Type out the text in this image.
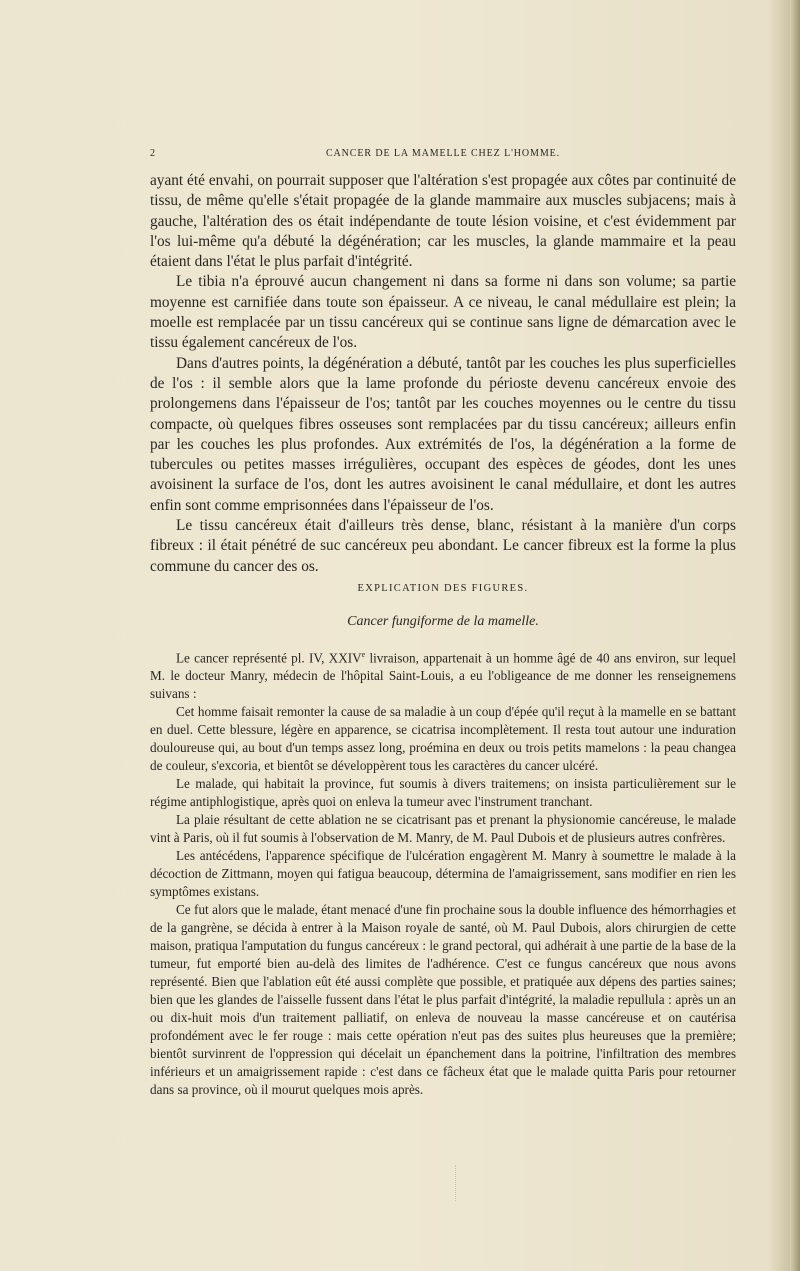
2	CANCER DE LA MAMELLE CHEZ L'HOMME.

ayant été envahi, on pourrait supposer que l'altération s'est propagée aux côtes par continuité de tissu, de même qu'elle s'était propagée de la glande mammaire aux muscles subjacens; mais à gauche, l'altération des os était indépendante de toute lésion voisine, et c'est évidemment par l'os lui-même qu'a débuté la dégénération; car les muscles, la glande mammaire et la peau étaient dans l'état le plus parfait d'intégrité.

Le tibia n'a éprouvé aucun changement ni dans sa forme ni dans son volume; sa partie moyenne est carnifiée dans toute son épaisseur. A ce niveau, le canal médullaire est plein; la moelle est remplacée par un tissu cancéreux qui se continue sans ligne de démarcation avec le tissu également cancéreux de l'os.

Dans d'autres points, la dégénération a débuté, tantôt par les couches les plus superficielles de l'os : il semble alors que la lame profonde du périoste devenu cancéreux envoie des prolongemens dans l'épaisseur de l'os; tantôt par les couches moyennes ou le centre du tissu compacte, où quelques fibres osseuses sont remplacées par du tissu cancéreux; ailleurs enfin par les couches les plus profondes. Aux extrémités de l'os, la dégénération a la forme de tubercules ou petites masses irrégulières, occupant des espèces de géodes, dont les unes avoisinent la surface de l'os, dont les autres avoisinent le canal médullaire, et dont les autres enfin sont comme emprisonnées dans l'épaisseur de l'os.

Le tissu cancéreux était d'ailleurs très dense, blanc, résistant à la manière d'un corps fibreux : il était pénétré de suc cancéreux peu abondant. Le cancer fibreux est la forme la plus commune du cancer des os.

EXPLICATION DES FIGURES.
Cancer fungiforme de la mamelle.

Le cancer représenté pl. IV, XXIVe livraison, appartenait à un homme âgé de 40 ans environ, sur lequel M. le docteur Manry, médecin de l'hôpital Saint-Louis, a eu l'obligeance de me donner les renseignemens suivans :

Cet homme faisait remonter la cause de sa maladie à un coup d'épée qu'il reçut à la mamelle en se battant en duel. Cette blessure, légère en apparence, se cicatrisa incomplètement. Il resta tout autour une induration douloureuse qui, au bout d'un temps assez long, proémina en deux ou trois petits mamelons : la peau changea de couleur, s'excoria, et bientôt se développèrent tous les caractères du cancer ulcéré.

Le malade, qui habitait la province, fut soumis à divers traitemens; on insista particulièrement sur le régime antiphlogistique, après quoi on enleva la tumeur avec l'instrument tranchant.

La plaie résultant de cette ablation ne se cicatrisant pas et prenant la physionomie cancéreuse, le malade vint à Paris, où il fut soumis à l'observation de M. Manry, de M. Paul Dubois et de plusieurs autres confrères.

Les antécédens, l'apparence spécifique de l'ulcération engagèrent M. Manry à soumettre le malade à la décoction de Zittmann, moyen qui fatigua beaucoup, détermina de l'amaigrissement, sans modifier en rien les symptômes existans.

Ce fut alors que le malade, étant menacé d'une fin prochaine sous la double influence des hémorrhagies et de la gangrène, se décida à entrer à la Maison royale de santé, où M. Paul Dubois, alors chirurgien de cette maison, pratiqua l'amputation du fungus cancéreux : le grand pectoral, qui adhérait à une partie de la base de la tumeur, fut emporté bien au-delà des limites de l'adhérence. C'est ce fungus cancéreux que nous avons représenté. Bien que l'ablation eût été aussi complète que possible, et pratiquée aux dépens des parties saines; bien que les glandes de l'aisselle fussent dans l'état le plus parfait d'intégrité, la maladie repullula : après un an ou dix-huit mois d'un traitement palliatif, on enleva de nouveau la masse cancéreuse et on cautérisa profondément avec le fer rouge : mais cette opération n'eut pas des suites plus heureuses que la première; bientôt survinrent de l'oppression qui décelait un épanchement dans la poitrine, l'infiltration des membres inférieurs et un amaigrissement rapide : c'est dans ce fâcheux état que le malade quitta Paris pour retourner dans sa province, où il mourut quelques mois après.
